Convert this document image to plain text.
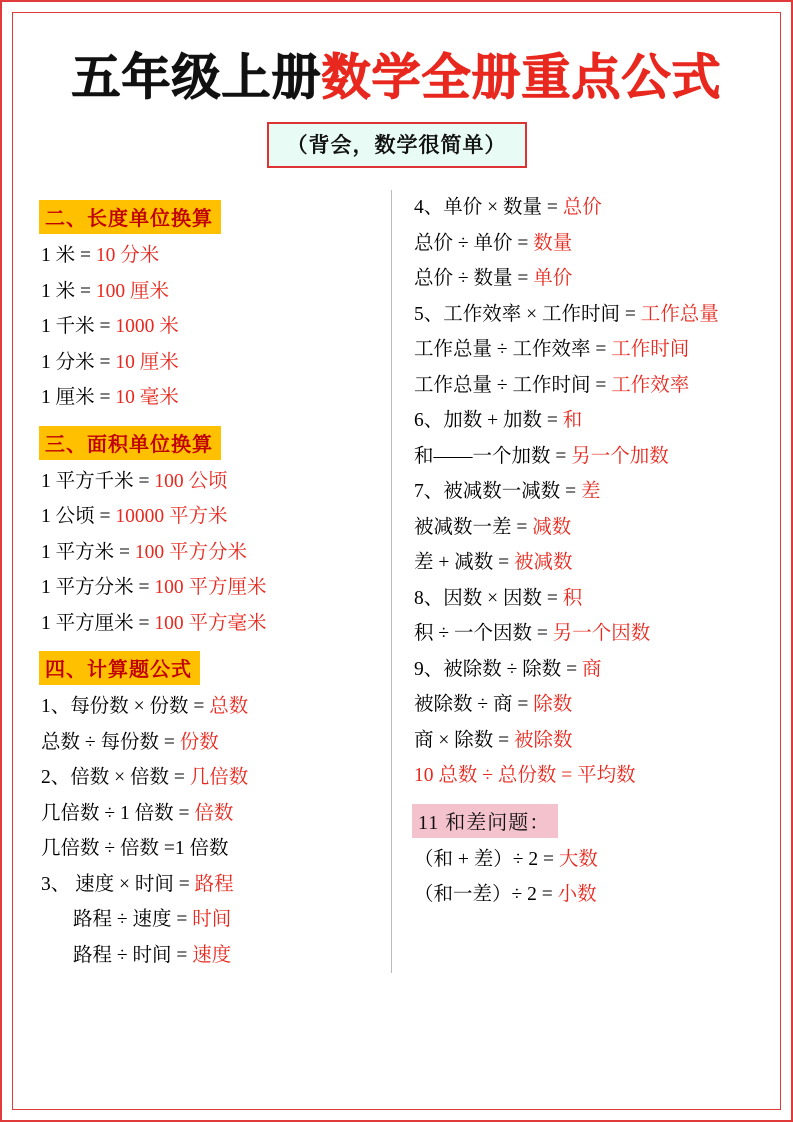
五年级上册数学全册重点公式
（背会，数学很简单）
二、长度单位换算
1 米 = 10 分米
1 米 = 100 厘米
1 千米 = 1000 米
1 分米 = 10 厘米
1 厘米 = 10 毫米
三、面积单位换算
1 平方千米 = 100 公顷
1 公顷 = 10000 平方米
1 平方米 = 100 平方分米
1 平方分米 = 100 平方厘米
1 平方厘米 = 100 平方毫米
四、计算题公式
1、每份数 × 份数 = 总数
总数 ÷ 每份数 = 份数
2、倍数 × 倍数 = 几倍数
几倍数 ÷ 1 倍数 = 倍数
几倍数 ÷ 倍数 =1 倍数
3、 速度 × 时间 = 路程
路程 ÷ 速度 = 时间
路程 ÷ 时间 = 速度
4、单价 × 数量 = 总价
总价 ÷ 单价 = 数量
总价 ÷ 数量 = 单价
5、工作效率 × 工作时间 = 工作总量
工作总量 ÷ 工作效率 = 工作时间
工作总量 ÷ 工作时间 = 工作效率
6、加数 + 加数 = 和
和——一个加数 = 另一个加数
7、被减数一减数 = 差
被减数一差 = 减数
差 + 减数 = 被减数
8、因数 × 因数 = 积
积 ÷ 一个因数 = 另一个因数
9、被除数 ÷ 除数 = 商
被除数 ÷ 商 = 除数
商 × 除数 = 被除数
10 总数 ÷ 总份数 = 平均数
11 和差问题：
（和 + 差）÷ 2 = 大数
（和一差）÷ 2 = 小数
